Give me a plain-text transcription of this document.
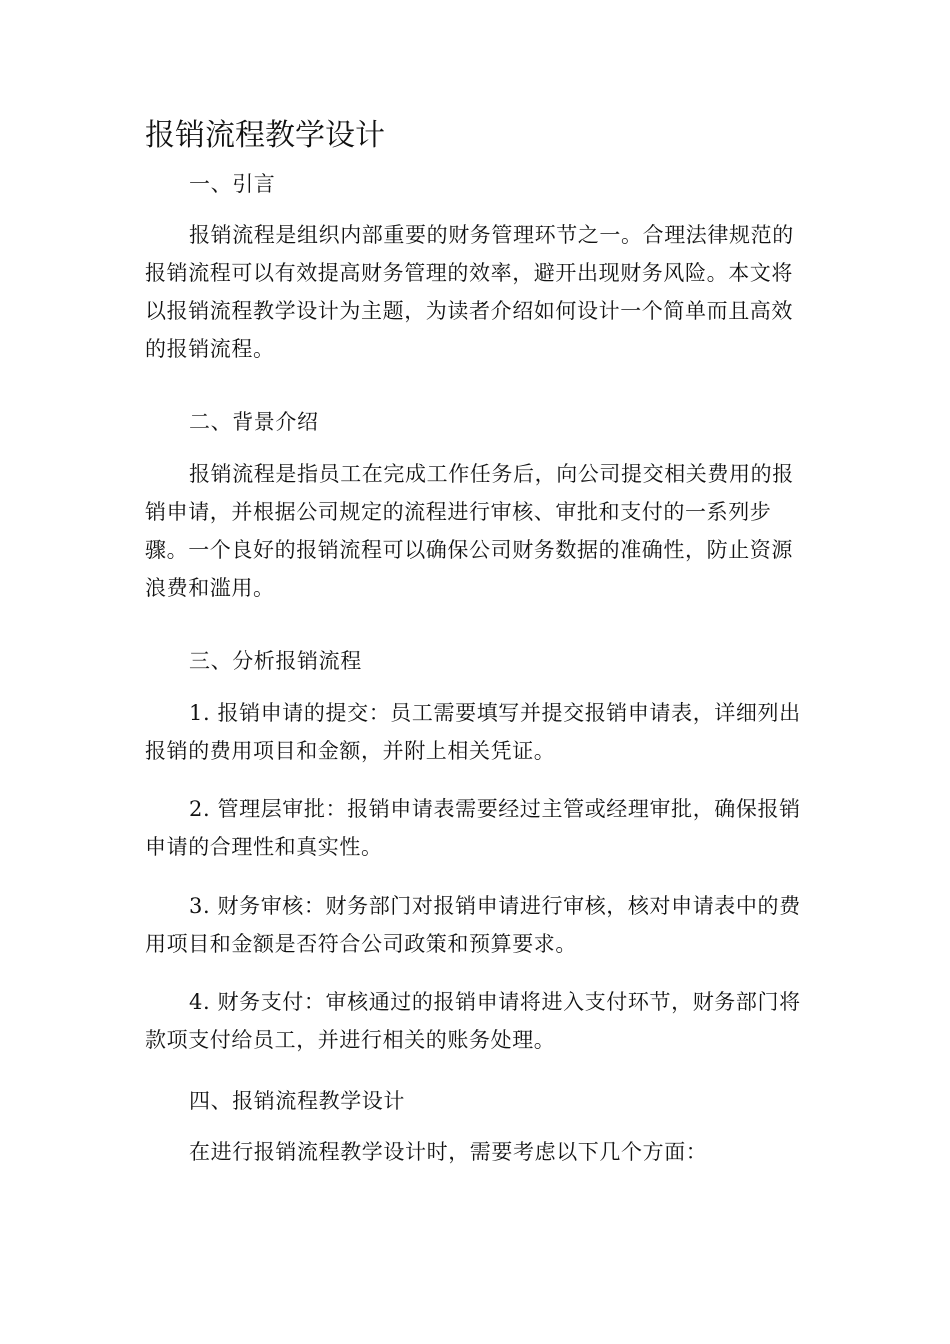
报销流程教学设计

一、引言

报销流程是组织内部重要的财务管理环节之一。合理法律规范的报销流程可以有效提高财务管理的效率，避开出现财务风险。本文将以报销流程教学设计为主题，为读者介绍如何设计一个简单而且高效的报销流程。

二、背景介绍

报销流程是指员工在完成工作任务后，向公司提交相关费用的报销申请，并根据公司规定的流程进行审核、审批和支付的一系列步骤。一个良好的报销流程可以确保公司财务数据的准确性，防止资源浪费和滥用。

三、分析报销流程

1. 报销申请的提交：员工需要填写并提交报销申请表，详细列出报销的费用项目和金额，并附上相关凭证。

2. 管理层审批：报销申请表需要经过主管或经理审批，确保报销申请的合理性和真实性。

3. 财务审核：财务部门对报销申请进行审核，核对申请表中的费用项目和金额是否符合公司政策和预算要求。

4. 财务支付：审核通过的报销申请将进入支付环节，财务部门将款项支付给员工，并进行相关的账务处理。

四、报销流程教学设计

在进行报销流程教学设计时，需要考虑以下几个方面：
